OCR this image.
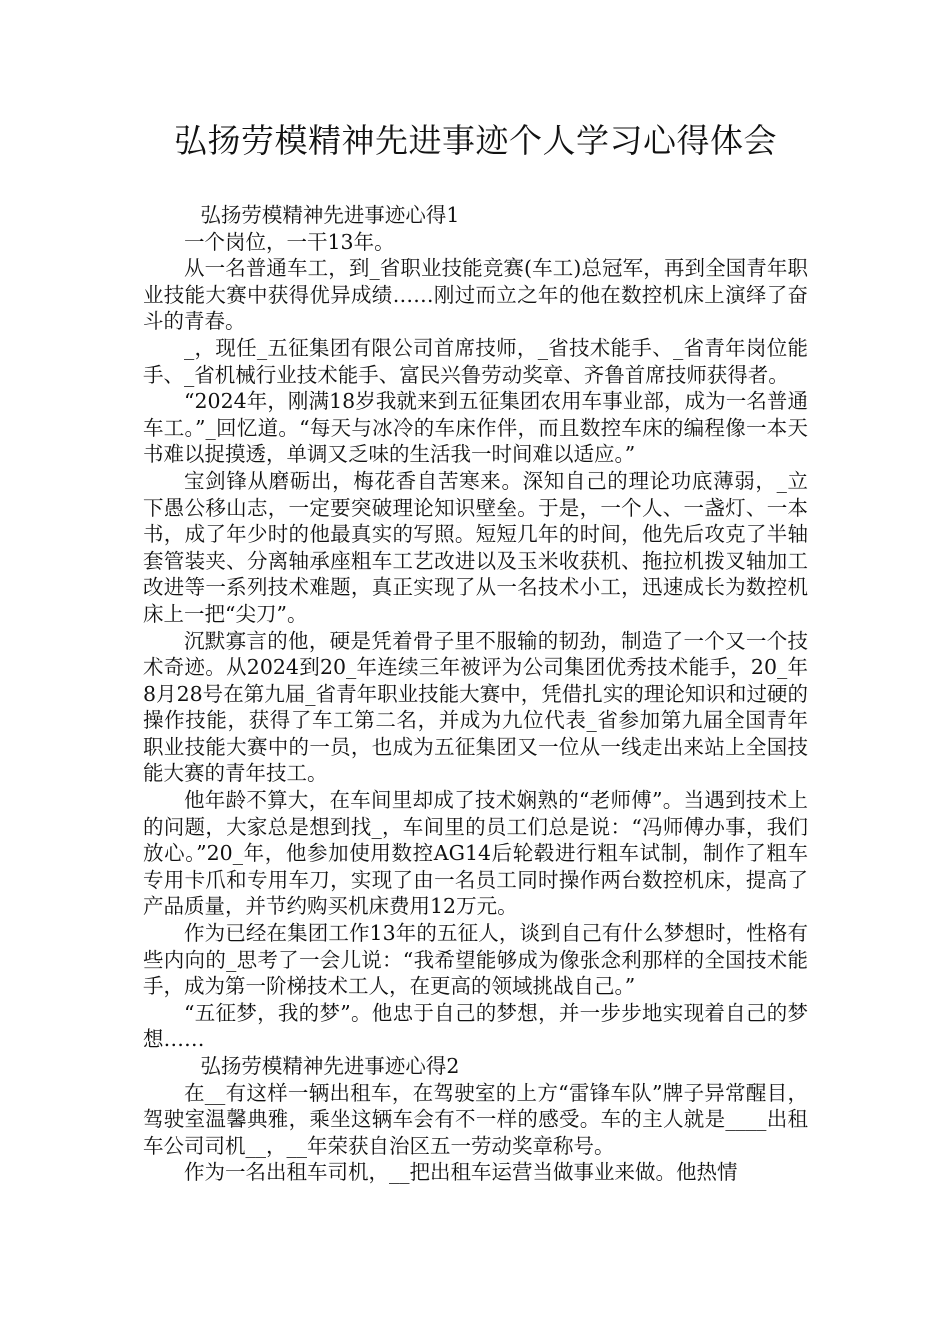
弘扬劳模精神先进事迹个人学习心得体会

弘扬劳模精神先进事迹心得1

一个岗位，一干13年。

从一名普通车工，到_省职业技能竞赛(车工)总冠军，再到全国青年职业技能大赛中获得优异成绩……刚过而立之年的他在数控机床上演绎了奋斗的青春。

_，现任_五征集团有限公司首席技师，_省技术能手、_省青年岗位能手、_省机械行业技术能手、富民兴鲁劳动奖章、齐鲁首席技师获得者。

“2024年，刚满18岁我就来到五征集团农用车事业部，成为一名普通车工。”_回忆道。“每天与冰冷的车床作伴，而且数控车床的编程像一本天书难以捉摸透，单调又乏味的生活我一时间难以适应。”

宝剑锋从磨砺出，梅花香自苦寒来。深知自己的理论功底薄弱，_立下愚公移山志，一定要突破理论知识壁垒。于是，一个人、一盏灯、一本书，成了年少时的他最真实的写照。短短几年的时间，他先后攻克了半轴套管装夹、分离轴承座粗车工艺改进以及玉米收获机、拖拉机拨叉轴加工改进等一系列技术难题，真正实现了从一名技术小工，迅速成长为数控机床上一把“尖刀”。

沉默寡言的他，硬是凭着骨子里不服输的韧劲，制造了一个又一个技术奇迹。从2024到20_年连续三年被评为公司集团优秀技术能手，20_年8月28号在第九届_省青年职业技能大赛中，凭借扎实的理论知识和过硬的操作技能，获得了车工第二名，并成为九位代表_省参加第九届全国青年职业技能大赛中的一员，也成为五征集团又一位从一线走出来站上全国技能大赛的青年技工。

他年龄不算大，在车间里却成了技术娴熟的“老师傅”。当遇到技术上的问题，大家总是想到找_，车间里的员工们总是说：“冯师傅办事，我们放心。”20_年，他参加使用数控AG14后轮毂进行粗车试制，制作了粗车专用卡爪和专用车刀，实现了由一名员工同时操作两台数控机床，提高了产品质量，并节约购买机床费用12万元。

作为已经在集团工作13年的五征人，谈到自己有什么梦想时，性格有些内向的_思考了一会儿说：“我希望能够成为像张念利那样的全国技术能手，成为第一阶梯技术工人，在更高的领域挑战自己。”

“五征梦，我的梦”。他忠于自己的梦想，并一步步地实现着自己的梦想……

弘扬劳模精神先进事迹心得2

在__有这样一辆出租车，在驾驶室的上方“雷锋车队”牌子异常醒目，驾驶室温馨典雅，乘坐这辆车会有不一样的感受。车的主人就是____出租车公司司机__，__年荣获自治区五一劳动奖章称号。

作为一名出租车司机，__把出租车运营当做事业来做。他热情
